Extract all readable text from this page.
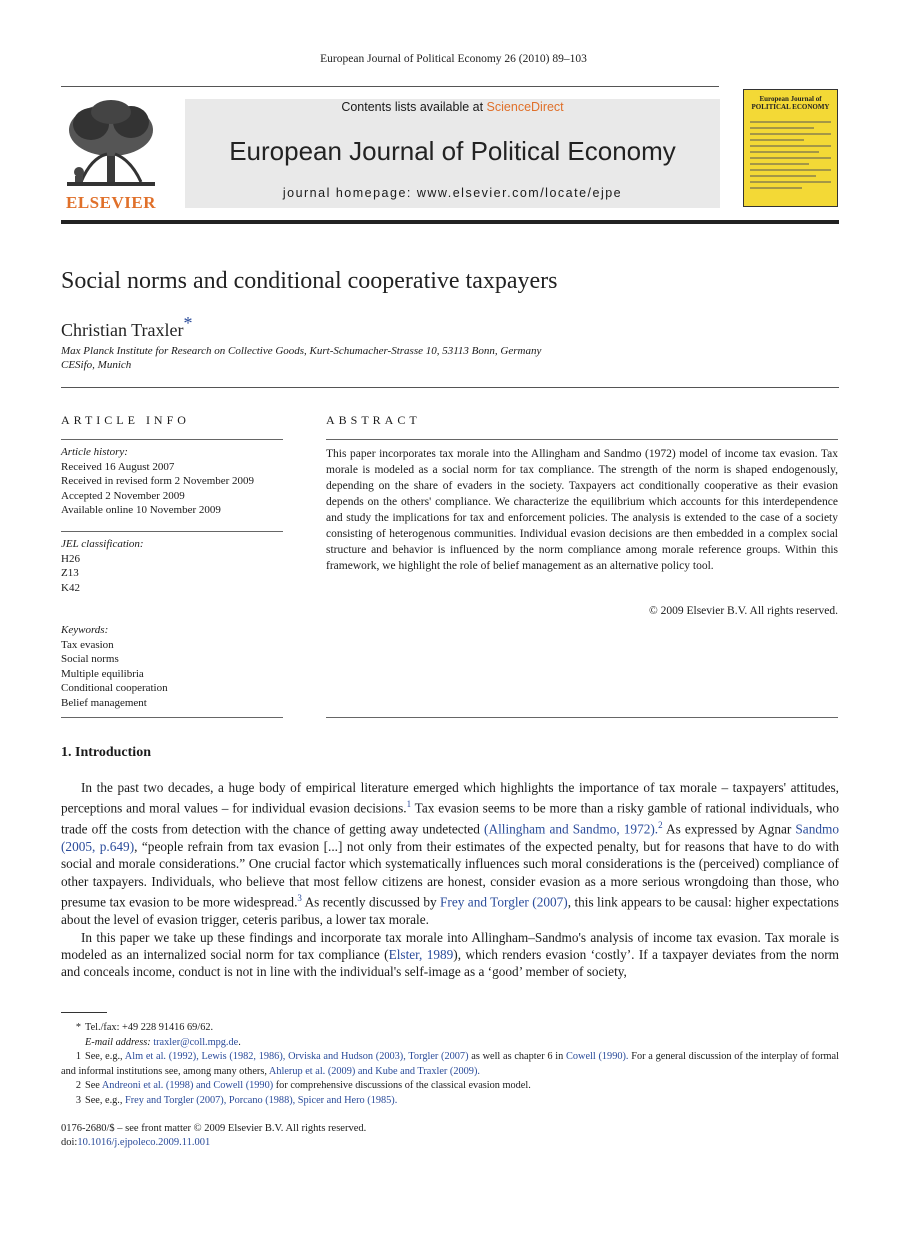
European Journal of Political Economy 26 (2010) 89–103
ELSEVIER
Contents lists available at ScienceDirect
European Journal of Political Economy
journal homepage: www.elsevier.com/locate/ejpe
European Journal of POLITICAL ECONOMY
Social norms and conditional cooperative taxpayers
Christian Traxler*
Max Planck Institute for Research on Collective Goods, Kurt-Schumacher-Strasse 10, 53113 Bonn, Germany
CESifo, Munich
ARTICLE INFO
Article history:
Received 16 August 2007
Received in revised form 2 November 2009
Accepted 2 November 2009
Available online 10 November 2009
JEL classification:
H26
Z13
K42
Keywords:
Tax evasion
Social norms
Multiple equilibria
Conditional cooperation
Belief management
ABSTRACT
This paper incorporates tax morale into the Allingham and Sandmo (1972) model of income tax evasion. Tax morale is modeled as a social norm for tax compliance. The strength of the norm is shaped endogenously, depending on the share of evaders in the society. Taxpayers act conditionally cooperative as their evasion depends on the others' compliance. We characterize the equilibrium which accounts for this interdependence and study the implications for tax and enforcement policies. The analysis is extended to the case of a society consisting of heterogenous communities. Individual evasion decisions are then embedded in a complex social structure and behavior is influenced by the norm compliance among morale reference groups. Within this framework, we highlight the role of belief management as an alternative policy tool.
© 2009 Elsevier B.V. All rights reserved.
1. Introduction

In the past two decades, a huge body of empirical literature emerged which highlights the importance of tax morale – taxpayers' attitudes, perceptions and moral values – for individual evasion decisions.$^1$ Tax evasion seems to be more than a risky gamble of rational individuals, who trade off the costs from detection with the chance of getting away undetected (Allingham and Sandmo, 1972).$^2$ As expressed by Agnar Sandmo (2005, p.649), “people refrain from tax evasion [...] not only from their estimates of the expected penalty, but for reasons that have to do with social and morale considerations.” One crucial factor which systematically influences such moral considerations is the (perceived) compliance of other taxpayers. Individuals, who believe that most fellow citizens are honest, consider evasion as a more serious wrongdoing than those, who presume tax evasion to be more widespread.$^3$ As recently discussed by Frey and Torgler (2007), this link appears to be causal: higher expectations about the level of evasion trigger, ceteris paribus, a lower tax morale.

In this paper we take up these findings and incorporate tax morale into Allingham–Sandmo's analysis of income tax evasion. Tax morale is modeled as an internalized social norm for tax compliance (Elster, 1989), which renders evasion ‘costly’. If a taxpayer deviates from the norm and conceals income, conduct is not in line with the individual's self-image as a ‘good’ member of society,

* Tel./fax: +49 228 91416 69/62.
E-mail address: traxler@coll.mpg.de.
1 See, e.g., Alm et al. (1992), Lewis (1982, 1986), Orviska and Hudson (2003), Torgler (2007) as well as chapter 6 in Cowell (1990). For a general discussion of the interplay of formal and informal institutions see, among many others, Ahlerup et al. (2009) and Kube and Traxler (2009).
2 See Andreoni et al. (1998) and Cowell (1990) for comprehensive discussions of the classical evasion model.
3 See, e.g., Frey and Torgler (2007), Porcano (1988), Spicer and Hero (1985).
0176-2680/$ – see front matter © 2009 Elsevier B.V. All rights reserved.
doi:10.1016/j.ejpoleco.2009.11.001
